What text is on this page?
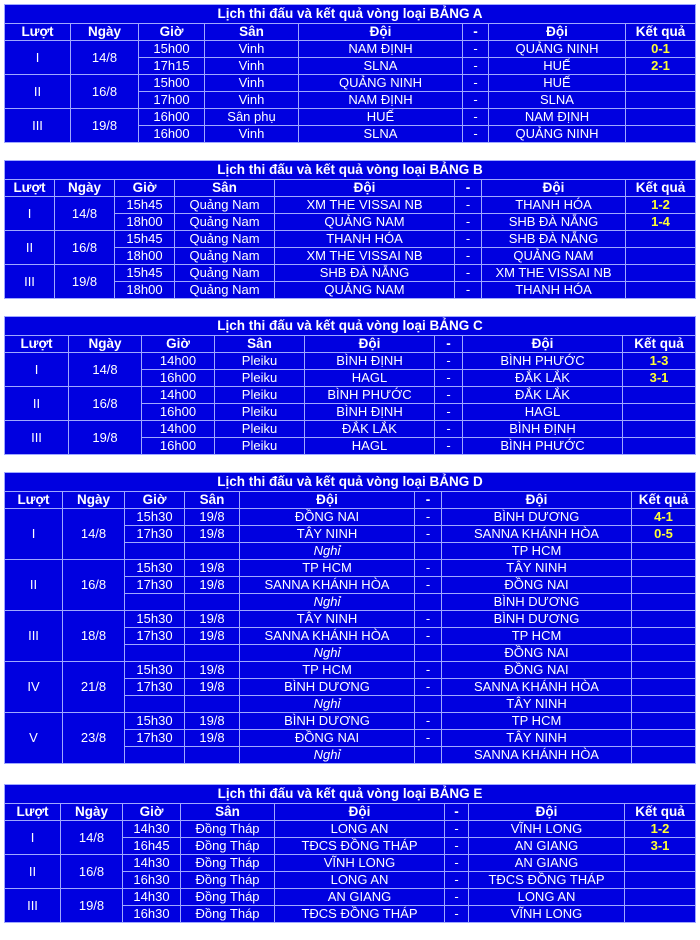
Lịch thi đấu và kết quả vòng loại BẢNG A							
Lượt	Ngày	Giờ	Sân	Đội	-	Đội	Kết quả
I	14/8	15h00	Vinh	NAM ĐỊNH	-	QUẢNG NINH	0-1
		17h15	Vinh	SLNA	-	HUẾ	2-1
II	16/8	15h00	Vinh	QUẢNG NINH	-	HUẾ	
		17h00	Vinh	NAM ĐỊNH	-	SLNA	
III	19/8	16h00	Sân phụ	HUẾ	-	NAM ĐỊNH	
		16h00	Vinh	SLNA	-	QUẢNG NINH	
Lịch thi đấu và kết quả vòng loại BẢNG B							
Lượt	Ngày	Giờ	Sân	Đội	-	Đội	Kết quả
I	14/8	15h45	Quảng Nam	XM THE VISSAI NB	-	THANH HÓA	1-2
		18h00	Quảng Nam	QUẢNG NAM	-	SHB ĐÀ NẴNG	1-4
II	16/8	15h45	Quảng Nam	THANH HÓA	-	SHB ĐÀ NẴNG	
		18h00	Quảng Nam	XM THE VISSAI NB	-	QUẢNG NAM	
III	19/8	15h45	Quảng Nam	SHB ĐÀ NẴNG	-	XM THE VISSAI NB	
		18h00	Quảng Nam	QUẢNG NAM	-	THANH HÓA	
Lịch thi đấu và kết quả vòng loại BẢNG C							
Lượt	Ngày	Giờ	Sân	Đội	-	Đội	Kết quả
I	14/8	14h00	Pleiku	BÌNH ĐỊNH	-	BÌNH PHƯỚC	1-3
		16h00	Pleiku	HAGL	-	ĐẮK LẮK	3-1
II	16/8	14h00	Pleiku	BÌNH PHƯỚC	-	ĐẮK LẮK	
		16h00	Pleiku	BÌNH ĐỊNH	-	HAGL	
III	19/8	14h00	Pleiku	ĐẮK LẮK	-	BÌNH ĐỊNH	
		16h00	Pleiku	HAGL	-	BÌNH PHƯỚC	
Lịch thi đấu và kết quả vòng loại BẢNG D							
Lượt	Ngày	Giờ	Sân	Đội	-	Đội	Kết quả
I	14/8	15h30	19/8	ĐỒNG NAI	-	BÌNH DƯƠNG	4-1
		17h30	19/8	TÂY NINH	-	SANNA KHÁNH HÒA	0-5
				Nghỉ		TP HCM	
II	16/8	15h30	19/8	TP HCM	-	TÂY NINH	
		17h30	19/8	SANNA KHÁNH HÒA	-	ĐỒNG NAI	
				Nghỉ		BÌNH DƯƠNG	
III	18/8	15h30	19/8	TÂY NINH	-	BÌNH DƯƠNG	
		17h30	19/8	SANNA KHÁNH HÒA	-	TP HCM	
				Nghỉ		ĐỒNG NAI	
IV	21/8	15h30	19/8	TP HCM	-	ĐỒNG NAI	
		17h30	19/8	BÌNH DƯƠNG	-	SANNA KHÁNH HÒA	
				Nghỉ		TÂY NINH	
V	23/8	15h30	19/8	BÌNH DƯƠNG	-	TP HCM	
		17h30	19/8	ĐỒNG NAI	-	TÂY NINH	
				Nghỉ		SANNA KHÁNH HÒA	
Lịch thi đấu và kết quả vòng loại BẢNG E							
Lượt	Ngày	Giờ	Sân	Đội	-	Đội	Kết quả
I	14/8	14h30	Đồng Tháp	LONG AN	-	VĨNH LONG	1-2
		16h45	Đồng Tháp	TĐCS ĐỒNG THÁP	-	AN GIANG	3-1
II	16/8	14h30	Đồng Tháp	VĨNH LONG	-	AN GIANG	
		16h30	Đồng Tháp	LONG AN	-	TĐCS ĐỒNG THÁP	
III	19/8	14h30	Đồng Tháp	AN GIANG	-	LONG AN	
		16h30	Đồng Tháp	TĐCS ĐỒNG THÁP	-	VĨNH LONG	
